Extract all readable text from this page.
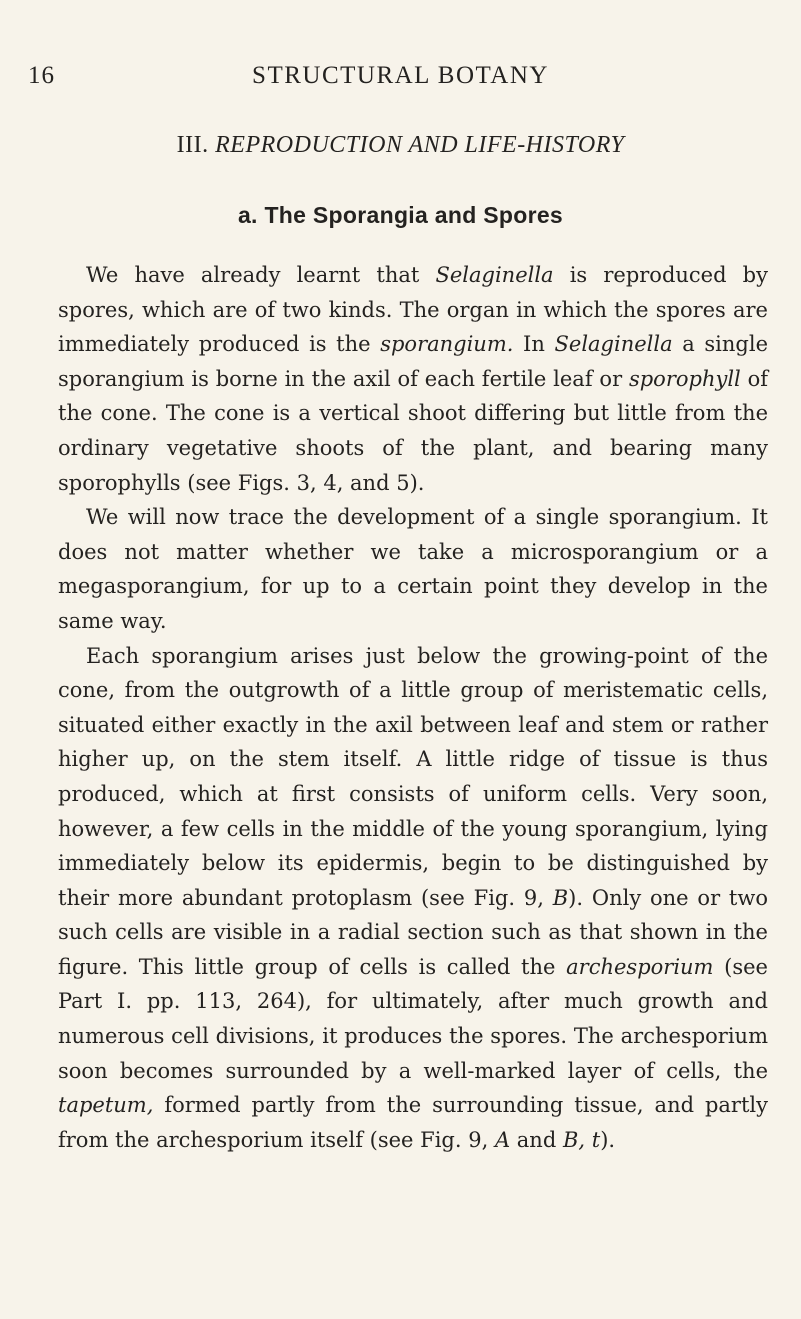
16	STRUCTURAL BOTANY
III. REPRODUCTION AND LIFE-HISTORY
a. The Sporangia and Spores

We have already learnt that Selaginella is reproduced by spores, which are of two kinds. The organ in which the spores are immediately produced is the sporangium. In Selaginella a single sporangium is borne in the axil of each fertile leaf or sporophyll of the cone. The cone is a vertical shoot differing but little from the ordinary vegetative shoots of the plant, and bearing many sporophylls (see Figs. 3, 4, and 5).

We will now trace the development of a single sporangium. It does not matter whether we take a microsporangium or a megasporangium, for up to a certain point they develop in the same way.

Each sporangium arises just below the growing-point of the cone, from the outgrowth of a little group of meristematic cells, situated either exactly in the axil between leaf and stem or rather higher up, on the stem itself. A little ridge of tissue is thus produced, which at first consists of uniform cells. Very soon, however, a few cells in the middle of the young sporangium, lying immediately below its epidermis, begin to be distinguished by their more abundant protoplasm (see Fig. 9, B). Only one or two such cells are visible in a radial section such as that shown in the figure. This little group of cells is called the archesporium (see Part I. pp. 113, 264), for ultimately, after much growth and numerous cell divisions, it produces the spores. The archesporium soon becomes surrounded by a well-marked layer of cells, the tapetum, formed partly from the surrounding tissue, and partly from the archesporium itself (see Fig. 9, A and B, t).
